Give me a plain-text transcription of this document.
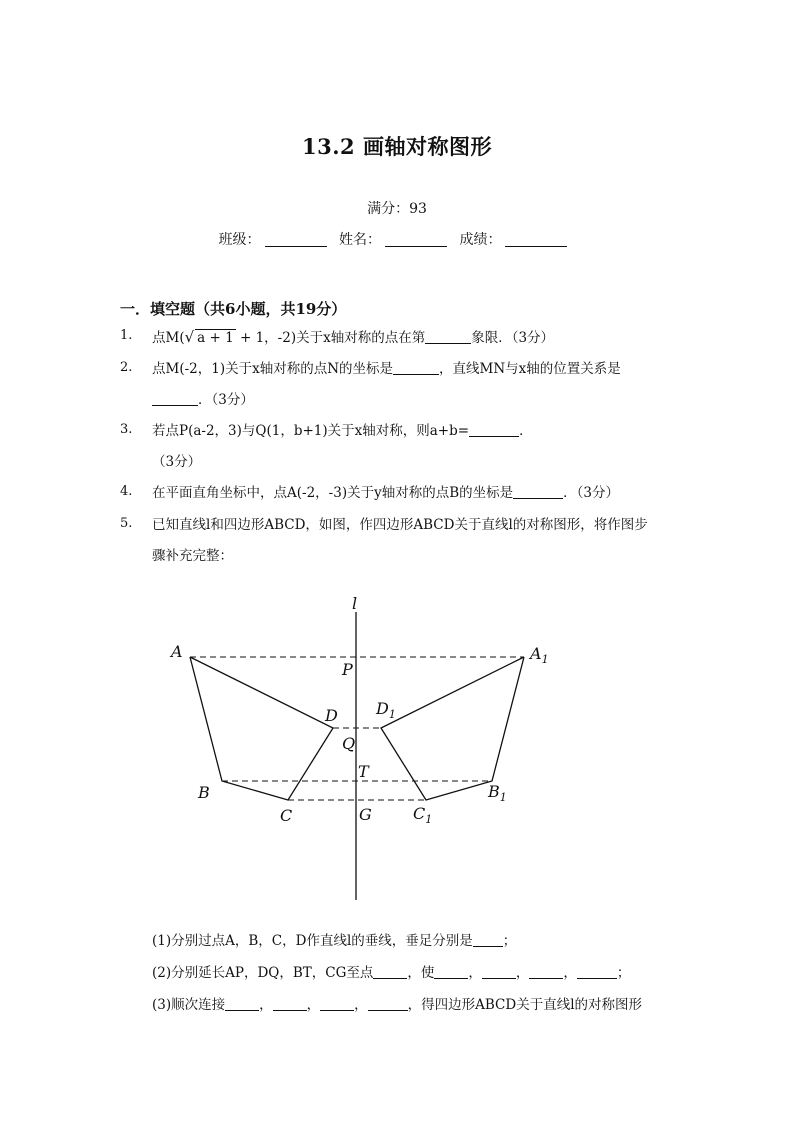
13.2 画轴对称图形
满分：93
班级：	姓名：	成绩：
一．填空题（共6小题，共19分）
1. 点M(√ a + 1 + 1，-2)关于x轴对称的点在第	象限．（3分）
2. 点M(-2，1)关于x轴对称的点N的坐标是	，直线MN与x轴的位置关系是
．（3分）
3. 若点P(a-2，3)与Q(1，b+1)关于x轴对称，则a+b=	．
（3分）
4. 在平面直角坐标中，点A(-2，-3)关于y轴对称的点B的坐标是	．（3分）
5. 已知直线l和四边形ABCD，如图，作四边形ABCD关于直线l的对称图形，将作图步
骤补充完整：
l
A	$A_1$
P
D $D_1$
Q
T
B	$B_1$
C	G	$C_1$
(1)分别过点A，B，C，D作直线l的垂线，垂足分别是 ；
(2)分别延长AP，DQ，BT，CG至点	，使	，	，	，	；
(3)顺次连接	，	，	，	，得四边形ABCD关于直线l的对称图形
